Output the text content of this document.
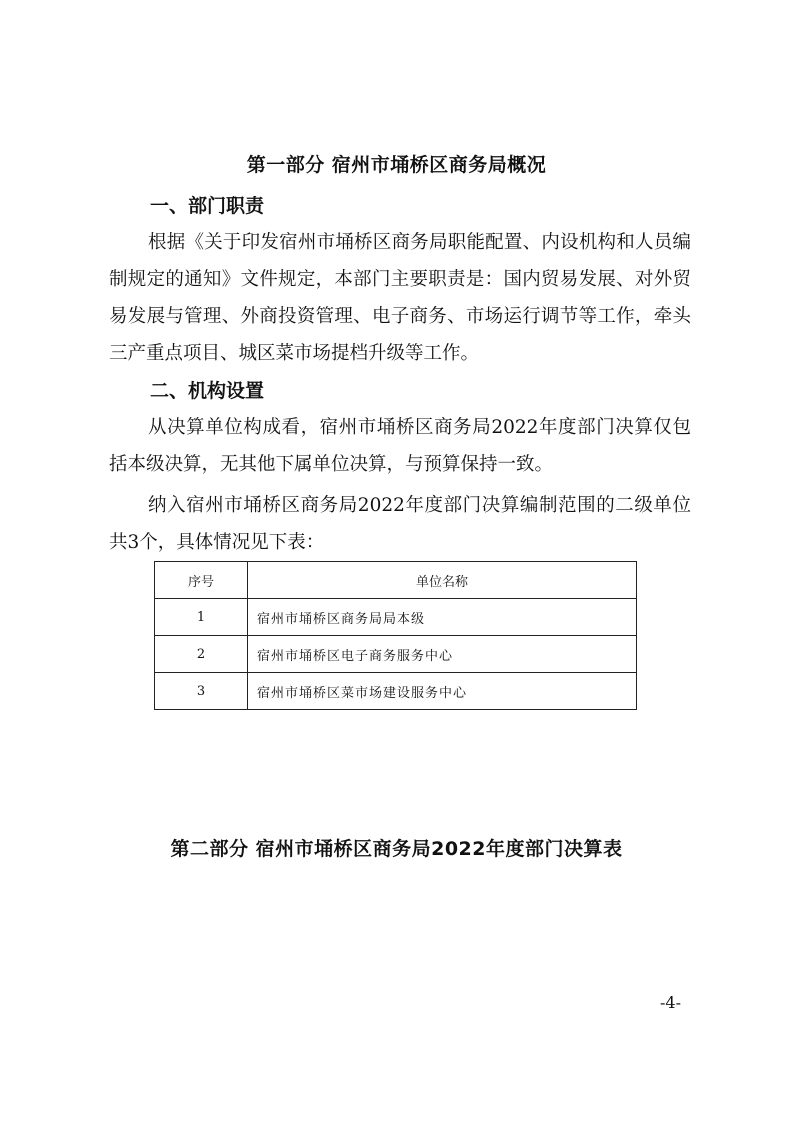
第一部分 宿州市埇桥区商务局概况
一、部门职责

根据《关于印发宿州市埇桥区商务局职能配置、内设机构和人员编制规定的通知》文件规定，本部门主要职责是：国内贸易发展、对外贸易发展与管理、外商投资管理、电子商务、市场运行调节等工作，牵头三产重点项目、城区菜市场提档升级等工作。

二、机构设置

从决算单位构成看，宿州市埇桥区商务局2022年度部门决算仅包括本级决算，无其他下属单位决算，与预算保持一致。

纳入宿州市埇桥区商务局2022年度部门决算编制范围的二级单位共3个，具体情况见下表：

序号	单位名称
1	宿州市埇桥区商务局局本级
2	宿州市埇桥区电子商务服务中心
3	宿州市埇桥区菜市场建设服务中心
第二部分 宿州市埇桥区商务局2022年度部门决算表
-4-
